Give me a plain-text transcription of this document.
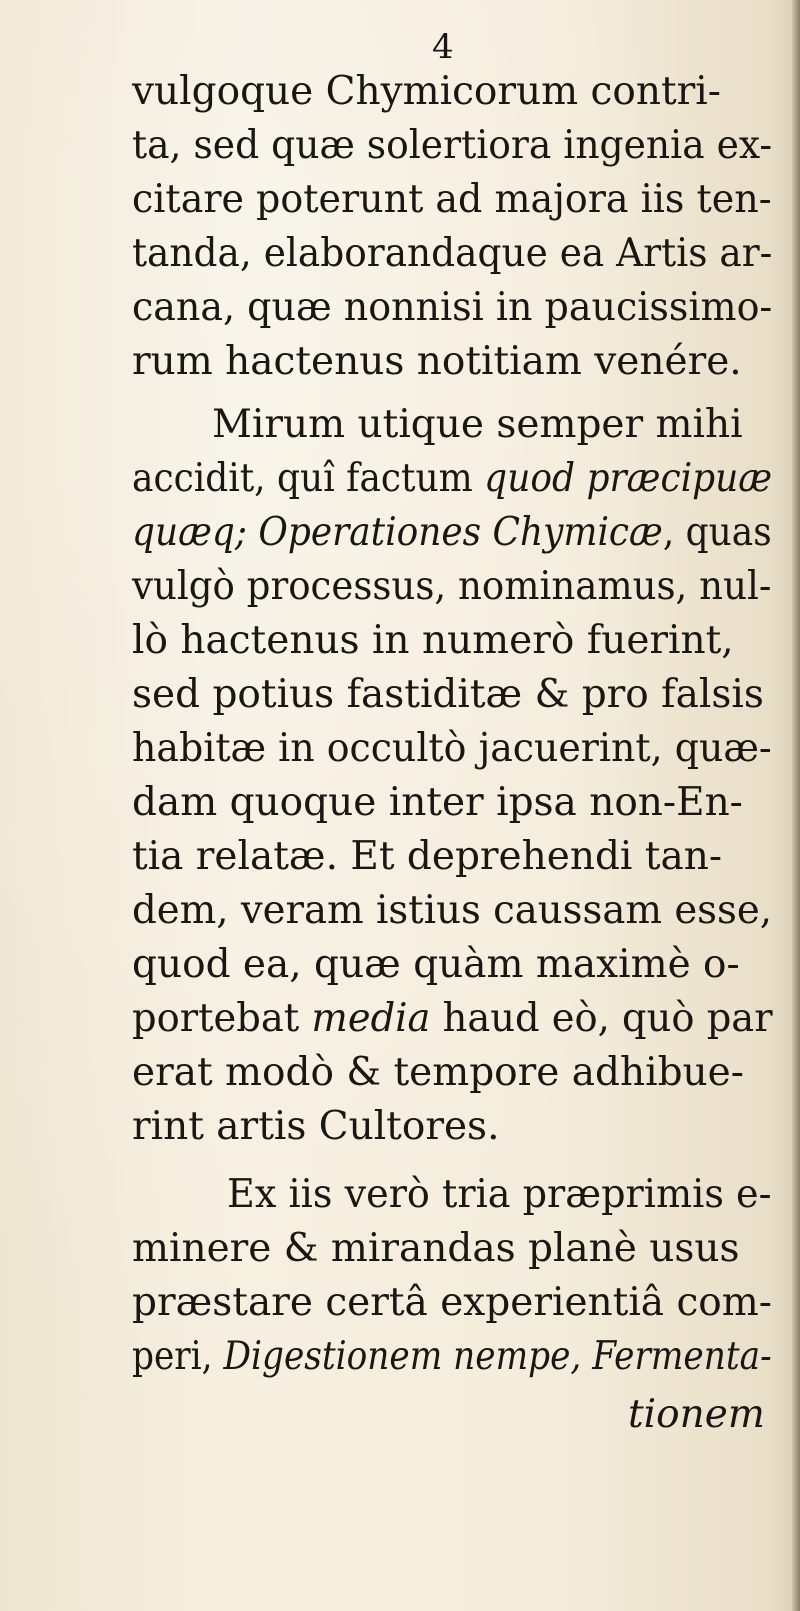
4
vulgoque Chymicorum contri-
ta, sed quæ solertiora ingenia ex-
citare poterunt ad majora iis ten-
tanda, elaborandaque ea Artis ar-
cana, quæ nonnisi in paucissimo-
rum hactenus notitiam venére.
Mirum utique semper mihi
accidit, quî factum quod præcipuæ
quæq; Operationes Chymicæ, quas
vulgò processus, nominamus, nul-
lò hactenus in numerò fuerint,
sed potius fastiditæ & pro falsis
habitæ in occultò jacuerint, quæ-
dam quoque inter ipsa non-En-
tia relatæ. Et deprehendi tan-
dem, veram istius caussam esse,
quod ea, quæ quàm maximè o-
portebat media haud eò, quò par
erat modò & tempore adhibue-
rint artis Cultores.
Ex iis verò tria præprimis e-
minere & mirandas planè usus
præstare certâ experientiâ com-
peri, Digestionem nempe, Fermenta-
tionem
